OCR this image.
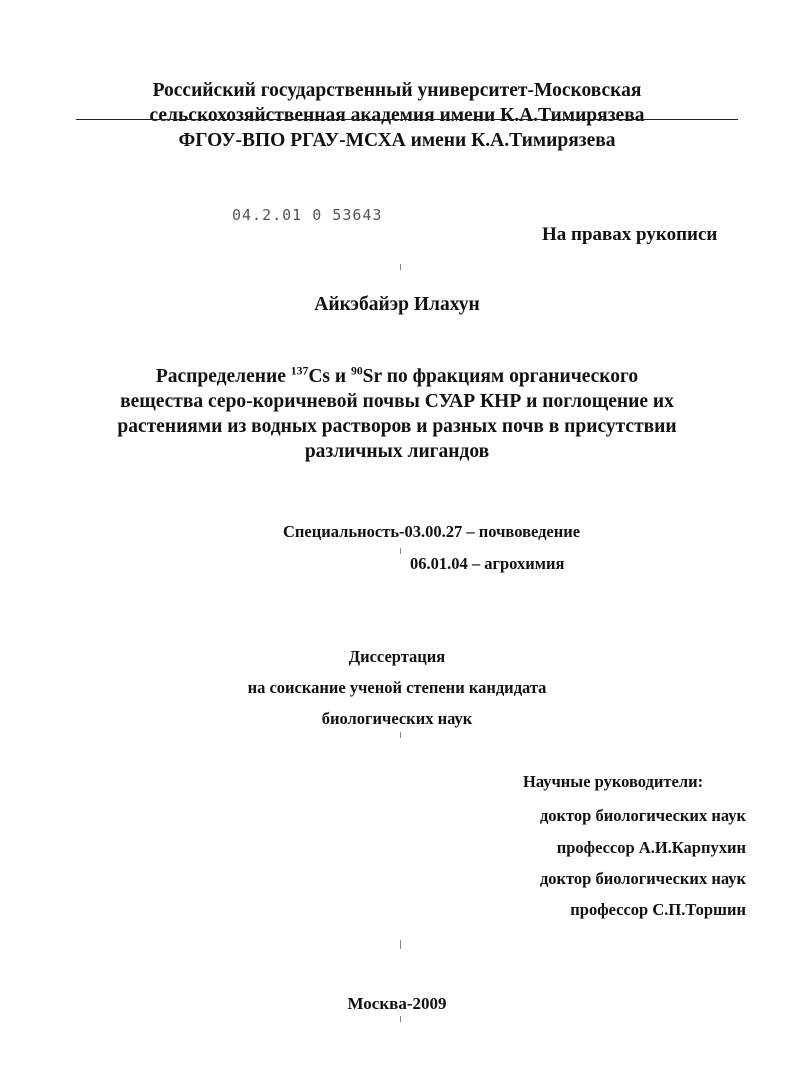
Российский государственный университет-Московская
сельскохозяйственная академия имени К.А.Тимирязева
ФГОУ-ВПО РГАУ-МСХА имени К.А.Тимирязева
04.2.01 0 53643
На правах рукописи
Айкэбайэр Илахун
Распределение $^{137}$Cs и $^{90}$Sr по фракциям органического
вещества серо-коричневой почвы СУАР КНР и поглощение их
растениями из водных растворов и разных почв в присутствии
различных лигандов
Специальность-03.00.27 – почвоведение
06.01.04 – агрохимия
Диссертация
на соискание ученой степени кандидата
биологических наук
Научные руководители:
доктор биологических наук
профессор А.И.Карпухин
доктор биологических наук
профессор С.П.Торшин
Москва-2009
